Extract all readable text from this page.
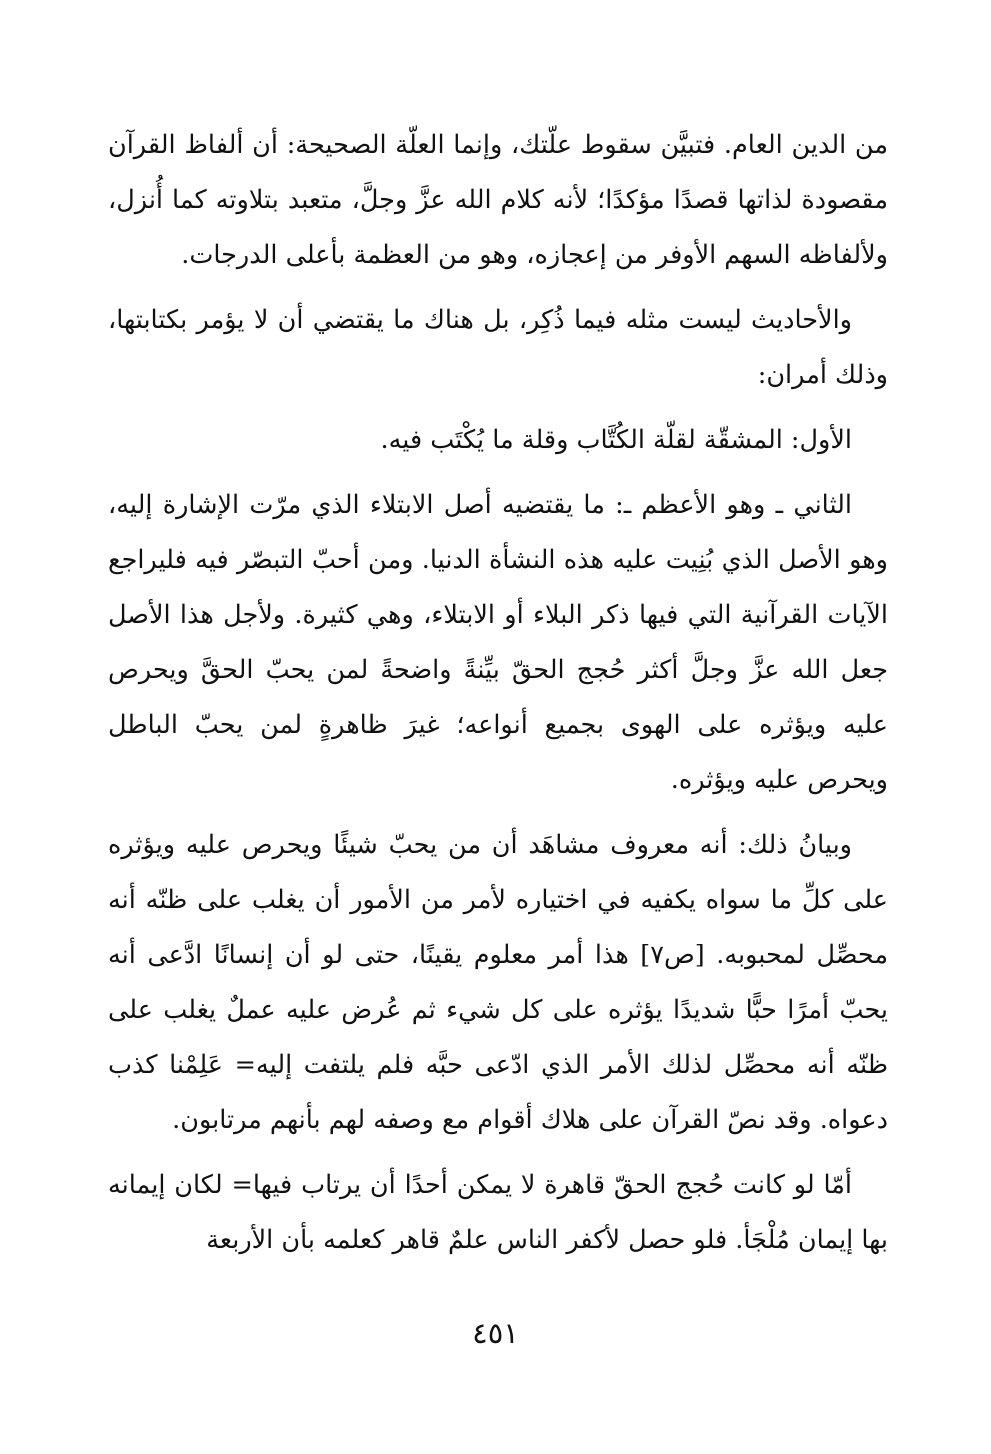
من الدين العام. فتبيَّن سقوط علّتك، وإنما العلّة الصحيحة: أن ألفاظ القرآن مقصودة لذاتها قصدًا مؤكدًا؛ لأنه كلام الله عزَّ وجلَّ، متعبد بتلاوته كما أُنزل، ولألفاظه السهم الأوفر من إعجازه، وهو من العظمة بأعلى الدرجات.

والأحاديث ليست مثله فيما ذُكِر، بل هناك ما يقتضي أن لا يؤمر بكتابتها، وذلك أمران:

الأول: المشقّة لقلّة الكُتَّاب وقلة ما يُكْتَب فيه.

الثاني ـ وهو الأعظم ـ: ما يقتضيه أصل الابتلاء الذي مرّت الإشارة إليه، وهو الأصل الذي بُنِيت عليه هذه النشأة الدنيا. ومن أحبّ التبصّر فيه فليراجع الآيات القرآنية التي فيها ذكر البلاء أو الابتلاء، وهي كثيرة. ولأجل هذا الأصل جعل الله عزَّ وجلَّ أكثر حُجج الحقّ بيِّنةً واضحةً لمن يحبّ الحقَّ ويحرص عليه ويؤثره على الهوى بجميع أنواعه؛ غيرَ ظاهرةٍ لمن يحبّ الباطل ويحرص عليه ويؤثره.

وبيانُ ذلك: أنه معروف مشاهَد أن من يحبّ شيئًا ويحرص عليه ويؤثره على كلِّ ما سواه يكفيه في اختياره لأمر من الأمور أن يغلب على ظنّه أنه محصِّل لمحبوبه. [ص٧] هذا أمر معلوم يقينًا، حتى لو أن إنسانًا ادَّعى أنه يحبّ أمرًا حبًّا شديدًا يؤثره على كل شيء ثم عُرض عليه عملٌ يغلب على ظنّه أنه محصِّل لذلك الأمر الذي ادّعى حبَّه فلم يلتفت إليه= عَلِمْنا كذب دعواه. وقد نصّ القرآن على هلاك أقوام مع وصفه لهم بأنهم مرتابون.

أمّا لو كانت حُجج الحقّ قاهرة لا يمكن أحدًا أن يرتاب فيها= لكان إيمانه بها إيمان مُلْجَأ. فلو حصل لأكفر الناس علمٌ قاهر كعلمه بأن الأربعة

٤٥١
